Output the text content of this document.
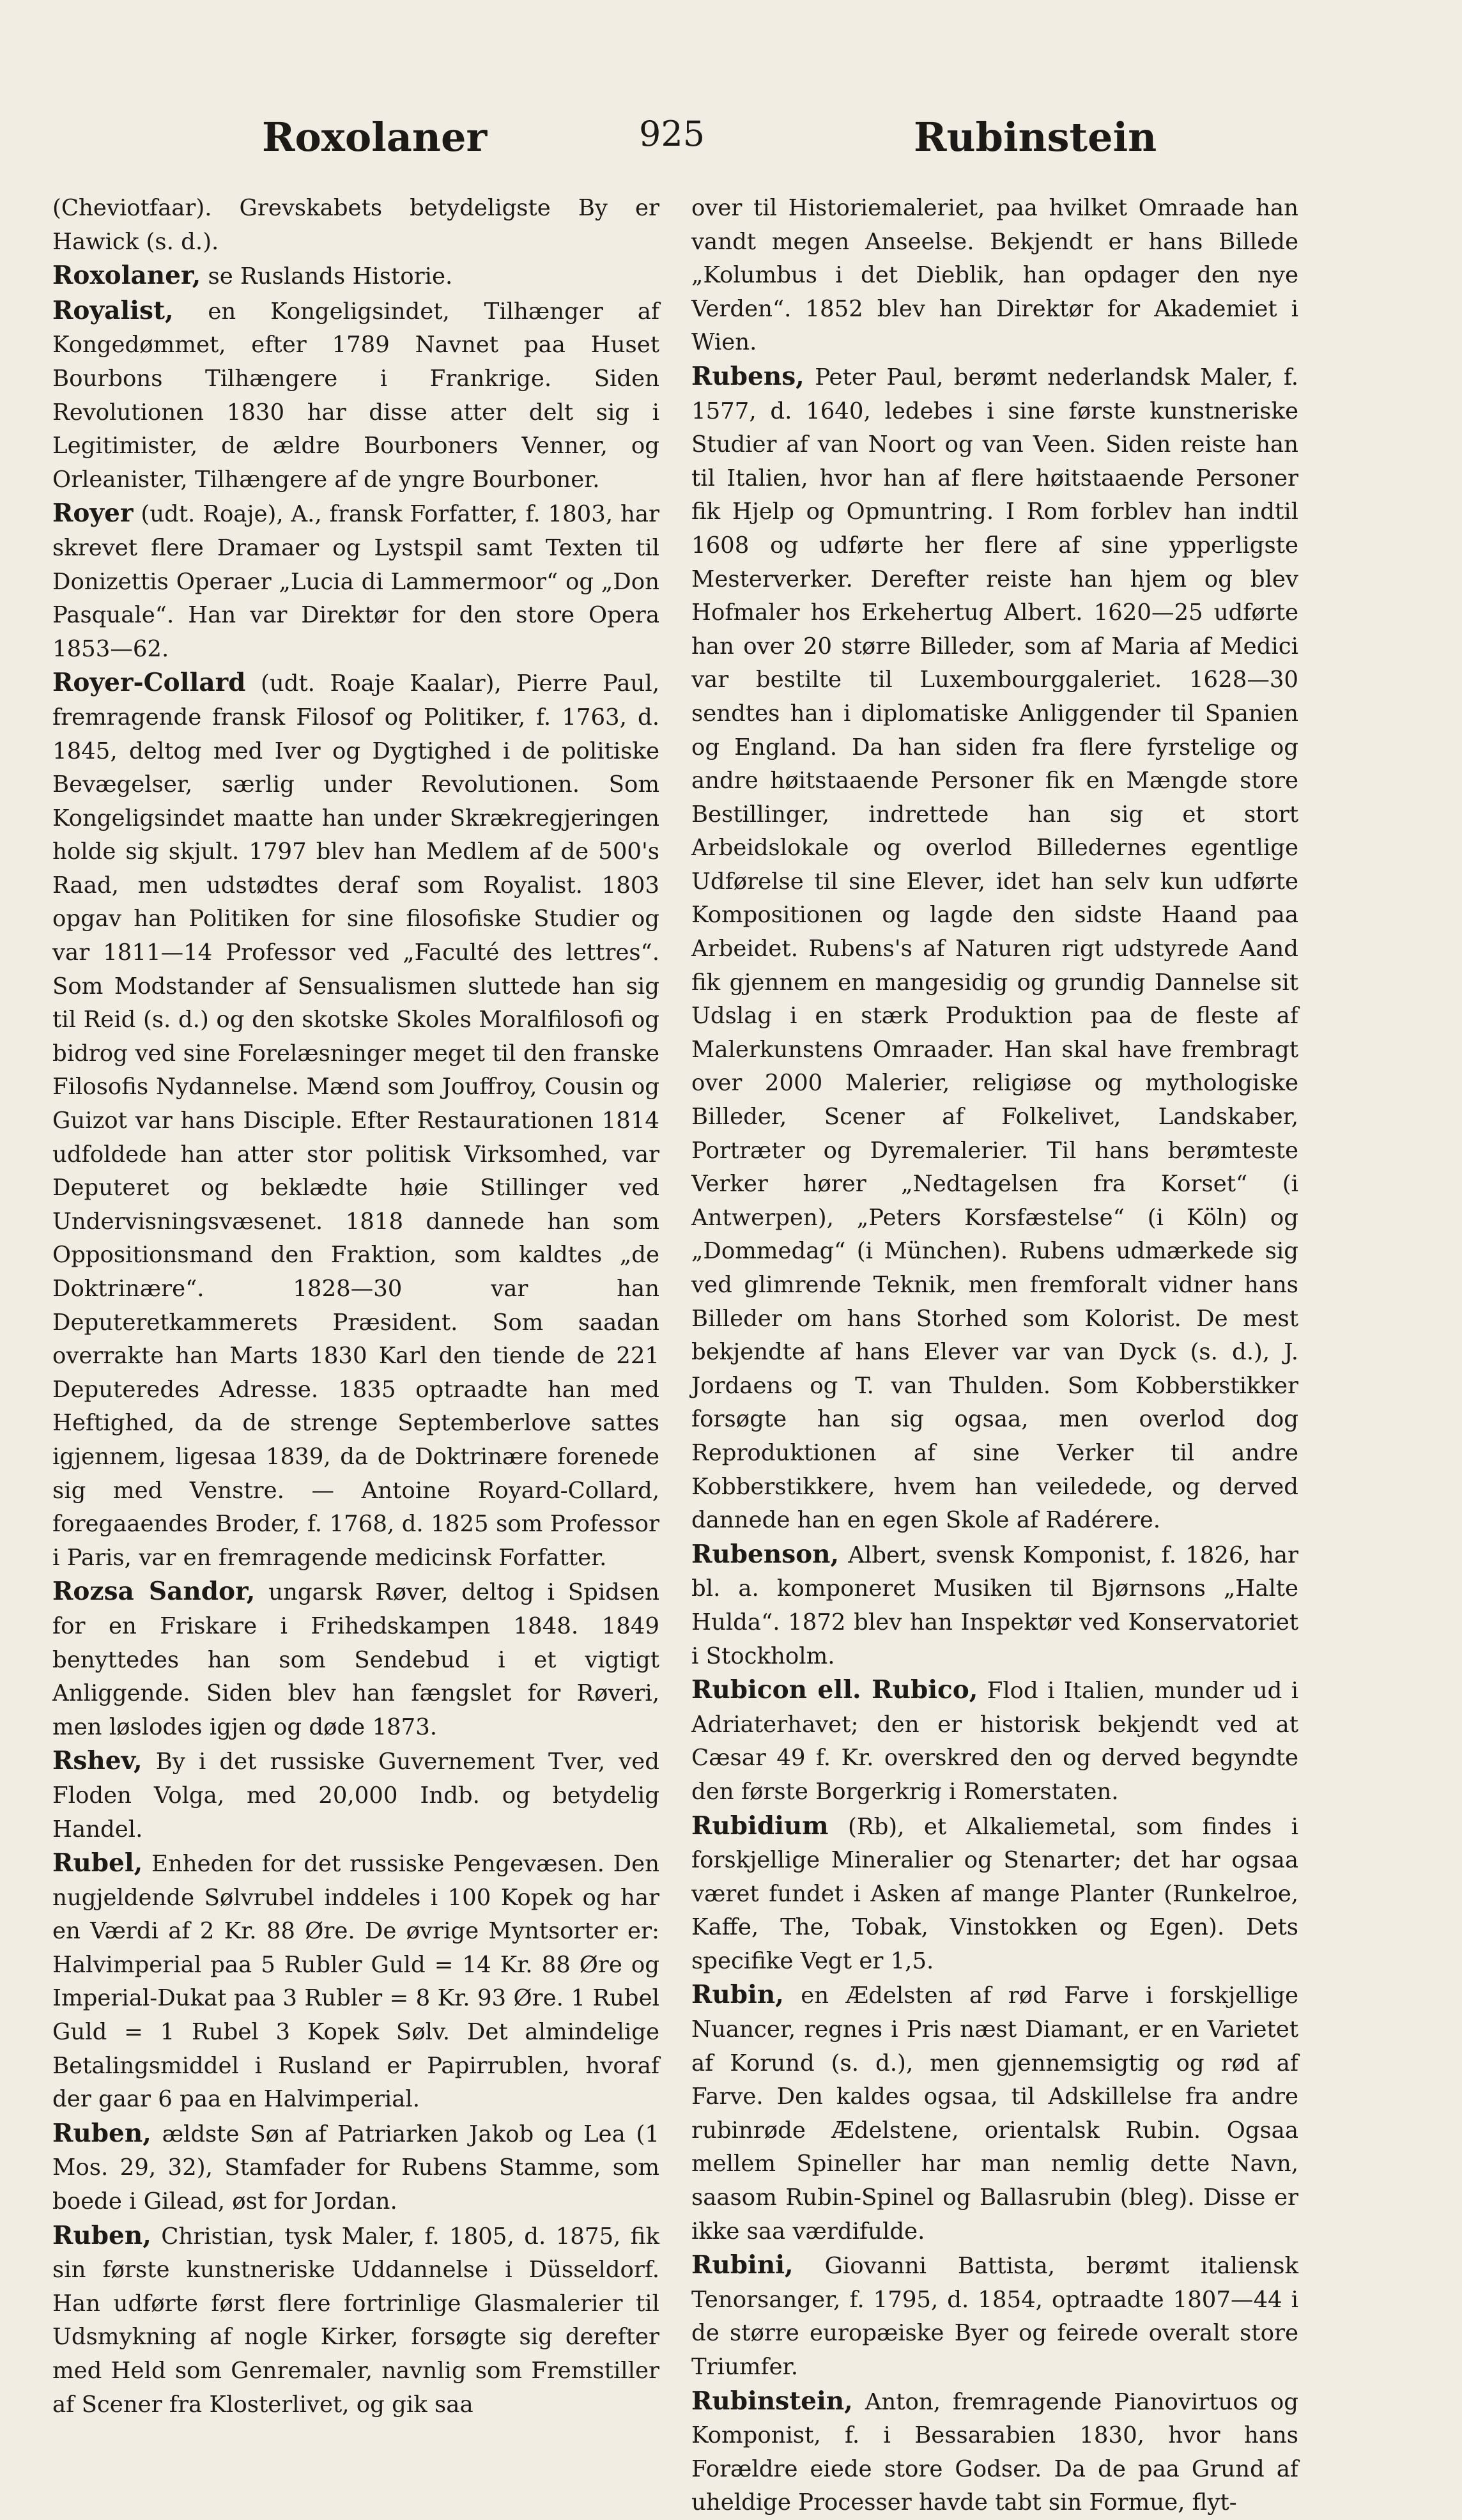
Roxolaner	925	Rubinstein

(Cheviotfaar). Grevskabets betydeligste By er Hawick (s. d.).

Roxolaner, se Ruslands Historie.

Royalist, en Kongeligsindet, Tilhænger af Kongedømmet, efter 1789 Navnet paa Huset Bourbons Tilhængere i Frankrige. Siden Revolutionen 1830 har disse atter delt sig i Legitimister, de ældre Bourboners Venner, og Orleanister, Tilhængere af de yngre Bourboner.

Royer (udt. Roaje), A., fransk Forfatter, f. 1803, har skrevet flere Dramaer og Lystspil samt Texten til Donizettis Operaer „Lucia di Lammermoor“ og „Don Pasquale“. Han var Direktør for den store Opera 1853—62.

Royer-Collard (udt. Roaje Kaalar), Pierre Paul, fremragende fransk Filosof og Politiker, f. 1763, d. 1845, deltog med Iver og Dygtighed i de politiske Bevægelser, særlig under Revolutionen. Som Kongeligsindet maatte han under Skrækregjeringen holde sig skjult. 1797 blev han Medlem af de 500's Raad, men udstødtes deraf som Royalist. 1803 opgav han Politiken for sine filosofiske Studier og var 1811—14 Professor ved „Faculté des lettres“. Som Modstander af Sensualismen sluttede han sig til Reid (s. d.) og den skotske Skoles Moralfilosofi og bidrog ved sine Forelæsninger meget til den franske Filosofis Nydannelse. Mænd som Jouffroy, Cousin og Guizot var hans Disciple. Efter Restaurationen 1814 udfoldede han atter stor politisk Virksomhed, var Deputeret og beklædte høie Stillinger ved Undervisningsvæsenet. 1818 dannede han som Oppositionsmand den Fraktion, som kaldtes „de Doktrinære“. 1828—30 var han Deputeretkammerets Præsident. Som saadan overrakte han Marts 1830 Karl den tiende de 221 Deputeredes Adresse. 1835 optraadte han med Heftighed, da de strenge Septemberlove sattes igjennem, ligesaa 1839, da de Doktrinære forenede sig med Venstre. — Antoine Royard-Collard, foregaaendes Broder, f. 1768, d. 1825 som Professor i Paris, var en fremragende medicinsk Forfatter.

Rozsa Sandor, ungarsk Røver, deltog i Spidsen for en Friskare i Frihedskampen 1848. 1849 benyttedes han som Sendebud i et vigtigt Anliggende. Siden blev han fængslet for Røveri, men løslodes igjen og døde 1873.

Rshev, By i det russiske Guvernement Tver, ved Floden Volga, med 20,000 Indb. og betydelig Handel.

Rubel, Enheden for det russiske Pengevæsen. Den nugjeldende Sølvrubel inddeles i 100 Kopek og har en Værdi af 2 Kr. 88 Øre. De øvrige Myntsorter er: Halvimperial paa 5 Rubler Guld = 14 Kr. 88 Øre og Imperial-Dukat paa 3 Rubler = 8 Kr. 93 Øre. 1 Rubel Guld = 1 Rubel 3 Kopek Sølv. Det almindelige Betalingsmiddel i Rusland er Papirrublen, hvoraf der gaar 6 paa en Halvimperial.

Ruben, ældste Søn af Patriarken Jakob og Lea (1 Mos. 29, 32), Stamfader for Rubens Stamme, som boede i Gilead, øst for Jordan.

Ruben, Christian, tysk Maler, f. 1805, d. 1875, fik sin første kunstneriske Uddannelse i Düsseldorf. Han udførte først flere fortrinlige Glasmalerier til Udsmykning af nogle Kirker, forsøgte sig derefter med Held som Genremaler, navnlig som Fremstiller af Scener fra Klosterlivet, og gik saa

over til Historiemaleriet, paa hvilket Omraade han vandt megen Anseelse. Bekjendt er hans Billede „Kolumbus i det Dieblik, han opdager den nye Verden“. 1852 blev han Direktør for Akademiet i Wien.

Rubens, Peter Paul, berømt nederlandsk Maler, f. 1577, d. 1640, ledebes i sine første kunstneriske Studier af van Noort og van Veen. Siden reiste han til Italien, hvor han af flere høitstaaende Personer fik Hjelp og Opmuntring. I Rom forblev han indtil 1608 og udførte her flere af sine ypperligste Mesterverker. Derefter reiste han hjem og blev Hofmaler hos Erkehertug Albert. 1620—25 udførte han over 20 større Billeder, som af Maria af Medici var bestilte til Luxembourggaleriet. 1628—30 sendtes han i diplomatiske Anliggender til Spanien og England. Da han siden fra flere fyrstelige og andre høitstaaende Personer fik en Mængde store Bestillinger, indrettede han sig et stort Arbeidslokale og overlod Billedernes egentlige Udførelse til sine Elever, idet han selv kun udførte Kompositionen og lagde den sidste Haand paa Arbeidet. Rubens's af Naturen rigt udstyrede Aand fik gjennem en mangesidig og grundig Dannelse sit Udslag i en stærk Produktion paa de fleste af Malerkunstens Omraader. Han skal have frembragt over 2000 Malerier, religiøse og mythologiske Billeder, Scener af Folkelivet, Landskaber, Portræter og Dyremalerier. Til hans berømteste Verker hører „Nedtagelsen fra Korset“ (i Antwerpen), „Peters Korsfæstelse“ (i Köln) og „Dommedag“ (i München). Rubens udmærkede sig ved glimrende Teknik, men fremforalt vidner hans Billeder om hans Storhed som Kolorist. De mest bekjendte af hans Elever var van Dyck (s. d.), J. Jordaens og T. van Thulden. Som Kobberstikker forsøgte han sig ogsaa, men overlod dog Reproduktionen af sine Verker til andre Kobberstikkere, hvem han veiledede, og derved dannede han en egen Skole af Radérere.

Rubenson, Albert, svensk Komponist, f. 1826, har bl. a. komponeret Musiken til Bjørnsons „Halte Hulda“. 1872 blev han Inspektør ved Konservatoriet i Stockholm.

Rubicon ell. Rubico, Flod i Italien, munder ud i Adriaterhavet; den er historisk bekjendt ved at Cæsar 49 f. Kr. overskred den og derved begyndte den første Borgerkrig i Romerstaten.

Rubidium (Rb), et Alkaliemetal, som findes i forskjellige Mineralier og Stenarter; det har ogsaa været fundet i Asken af mange Planter (Runkelroe, Kaffe, The, Tobak, Vinstokken og Egen). Dets specifike Vegt er 1,5.

Rubin, en Ædelsten af rød Farve i forskjellige Nuancer, regnes i Pris næst Diamant, er en Varietet af Korund (s. d.), men gjennemsigtig og rød af Farve. Den kaldes ogsaa, til Adskillelse fra andre rubinrøde Ædelstene, orientalsk Rubin. Ogsaa mellem Spineller har man nemlig dette Navn, saasom Rubin-Spinel og Ballasrubin (bleg). Disse er ikke saa værdifulde.

Rubini, Giovanni Battista, berømt italiensk Tenorsanger, f. 1795, d. 1854, optraadte 1807—44 i de større europæiske Byer og feirede overalt store Triumfer.

Rubinstein, Anton, fremragende Pianovirtuos og Komponist, f. i Bessarabien 1830, hvor hans Forældre eiede store Godser. Da de paa Grund af uheldige Processer havde tabt sin Formue, flyt-
